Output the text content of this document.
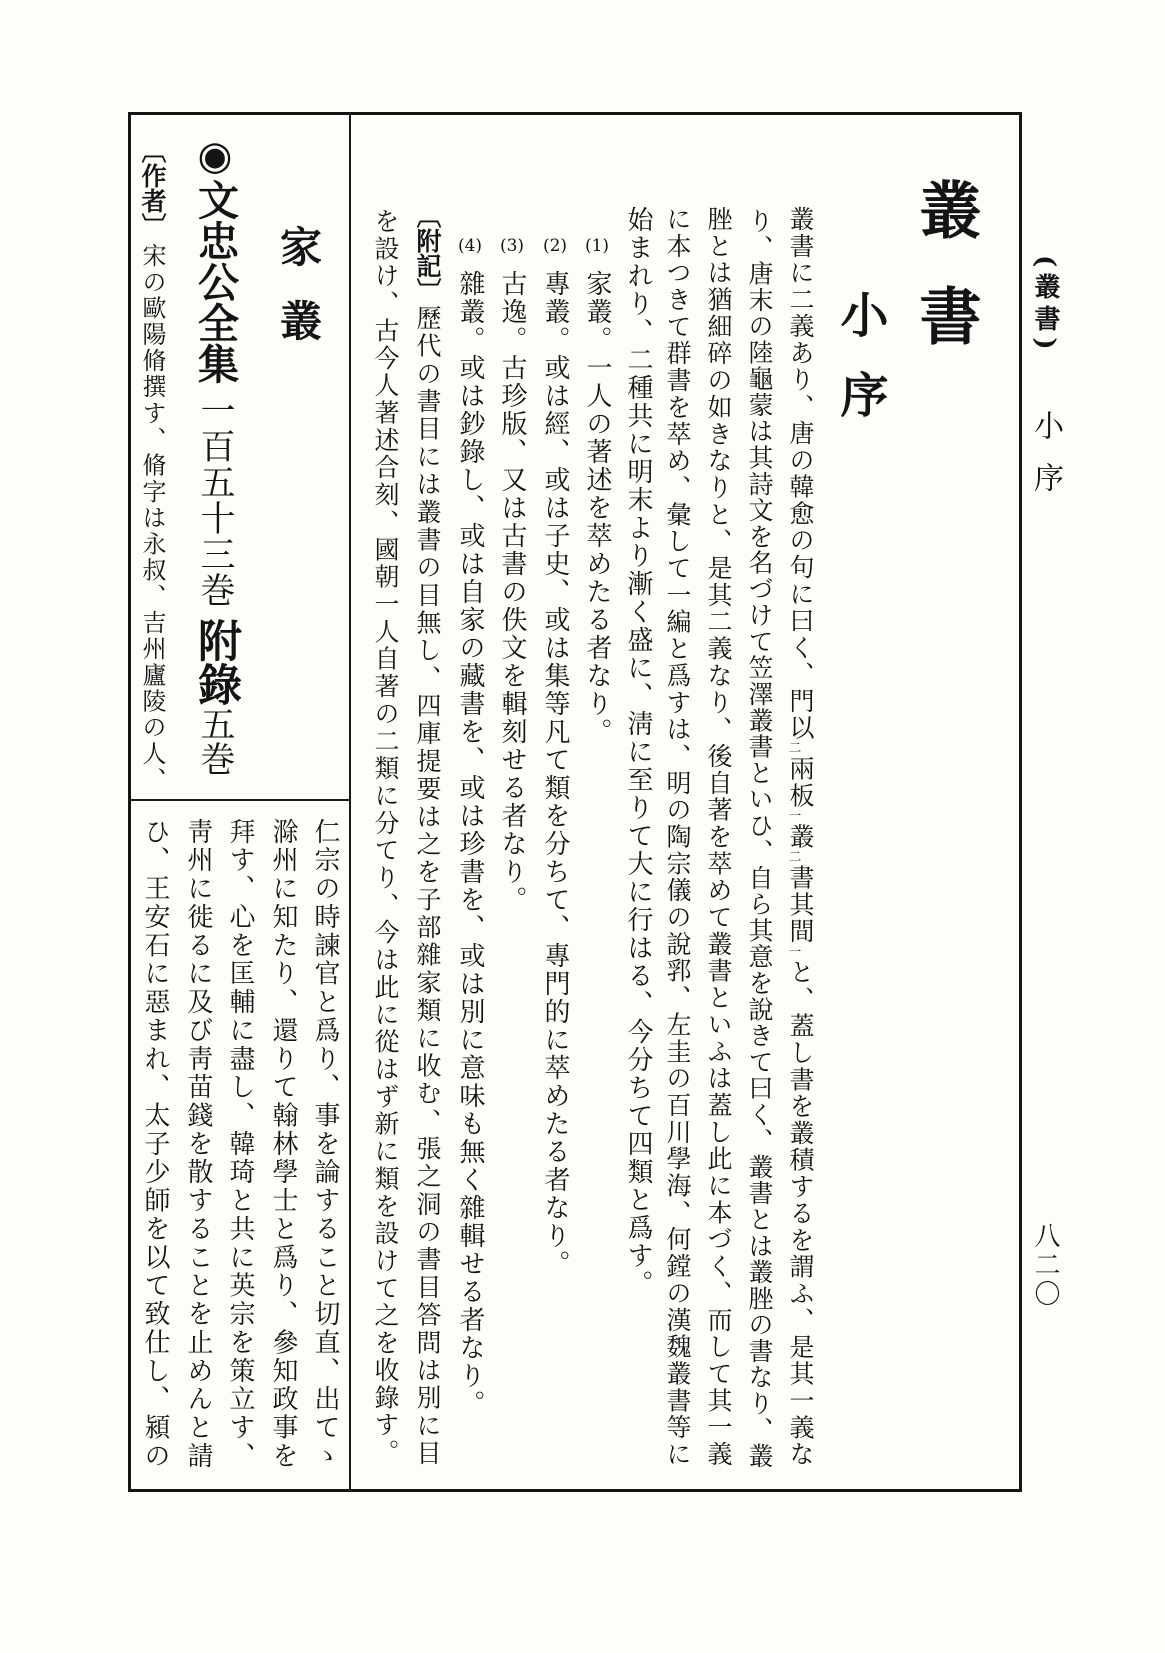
(叢書)
小序
八二〇
叢書
小序
叢書に二義あり、唐の韓愈の句に曰く、門以二兩板一叢二書其間一と、蓋し書を叢積するを謂ふ、是其一義な
り、唐末の陸龜蒙は其詩文を名づけて笠澤叢書といひ、自ら其意を說きて曰く、叢書とは叢脞の書なり、叢
脞とは猶細碎の如きなりと、是其二義なり、後自著を萃めて叢書といふは蓋し此に本づく、而して其一義
に本つきて群書を萃め、彙して一編と爲すは、明の陶宗儀の說郛、左圭の百川學海、何鏜の漢魏叢書等に
始まれり、二種共に明末より漸く盛に、淸に至りて大に行はる、今分ちて四類と爲す。
(1)
家叢。一人の著述を萃めたる者なり。
(2)
專叢。或は經、或は子史、或は集等凡て類を分ちて、專門的に萃めたる者なり。
(3)
古逸。古珍版、又は古書の佚文を輯刻せる者なり。
(4)
雜叢。或は鈔錄し、或は自家の藏書を、或は珍書を、或は別に意味も無く雜輯せる者なり。
〔附記〕
歷代の書目には叢書の目無し、四庫提要は之を子部雜家類に收む、張之洞の書目答問は別に目
を設け、古今人著述合刻、國朝一人自著の二類に分てり、今は此に從はず新に類を設けて之を收錄す。
家叢
◉文忠公全集一百五十三巻附錄五巻
〔作者〕
宋の歐陽脩撰す、脩字は永叔、吉州廬陵の人、
仁宗の時諫官と爲り、事を論すること切直、出てゝ
滁州に知たり、還りて翰林學士と爲り、參知政事を
拜す、心を匡輔に盡し、韓琦と共に英宗を策立す、
靑州に徙るに及び靑苗錢を散することを止めんと請
ひ、王安石に惡まれ、太子少師を以て致仕し、潁の
